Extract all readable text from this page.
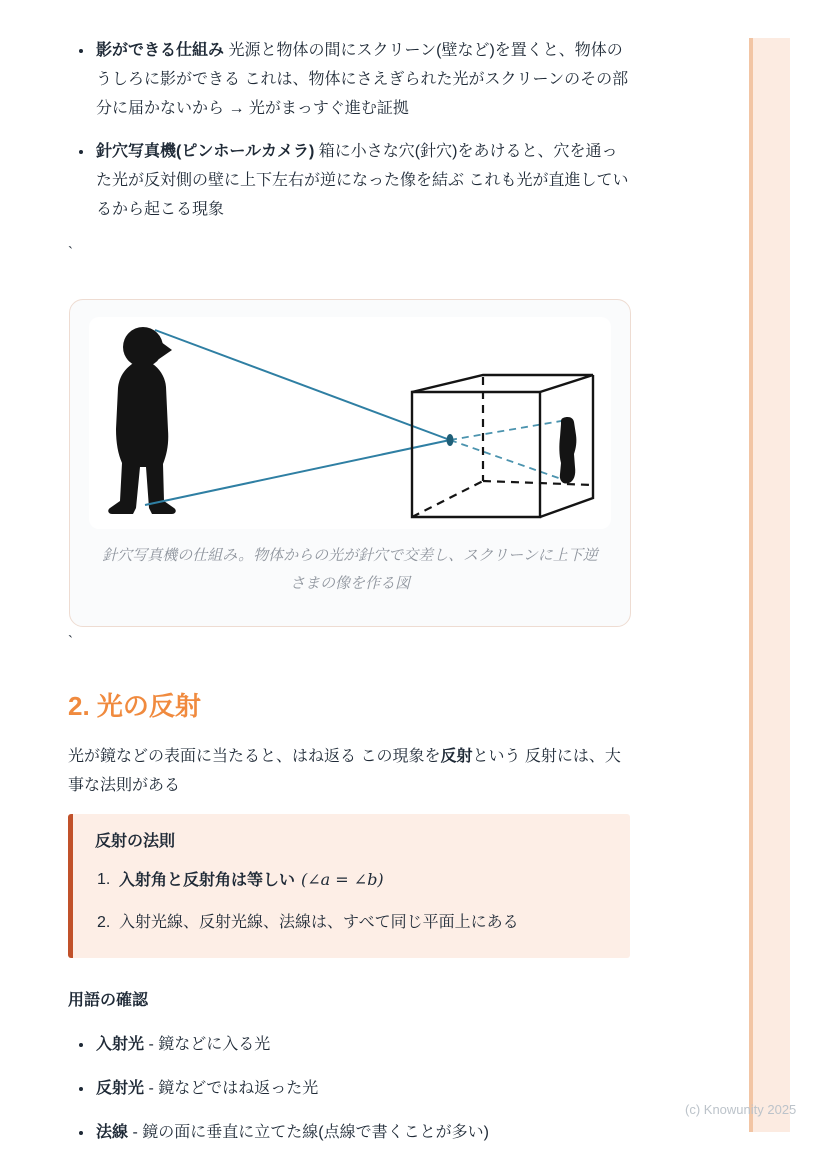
• 影ができる仕組み 光源と物体の間にスクリーン(壁など)を置くと、物体のうしろに影ができる これは、物体にさえぎられた光がスクリーンのその部分に届かないから → 光がまっすぐ進む証拠
• 針穴写真機(ピンホールカメラ) 箱に小さな穴(針穴)をあけると、穴を通った光が反対側の壁に上下左右が逆になった像を結ぶ これも光が直進しているから起こる現象

`

針穴写真機の仕組み。物体からの光が針穴で交差し、スクリーンに上下逆さまの像を作る図

`

2. 光の反射

光が鏡などの表面に当たると、はね返る この現象を反射という 反射には、大事な法則がある

反射の法則

1. 入射角と反射角は等しい (∠a = ∠b)
2. 入射光線、反射光線、法線は、すべて同じ平面上にある

用語の確認

• 入射光 - 鏡などに入る光
• 反射光 - 鏡などではね返った光
• 法線 - 鏡の面に垂直に立てた線(点線で書くことが多い)
(c) Knowunity 2025
